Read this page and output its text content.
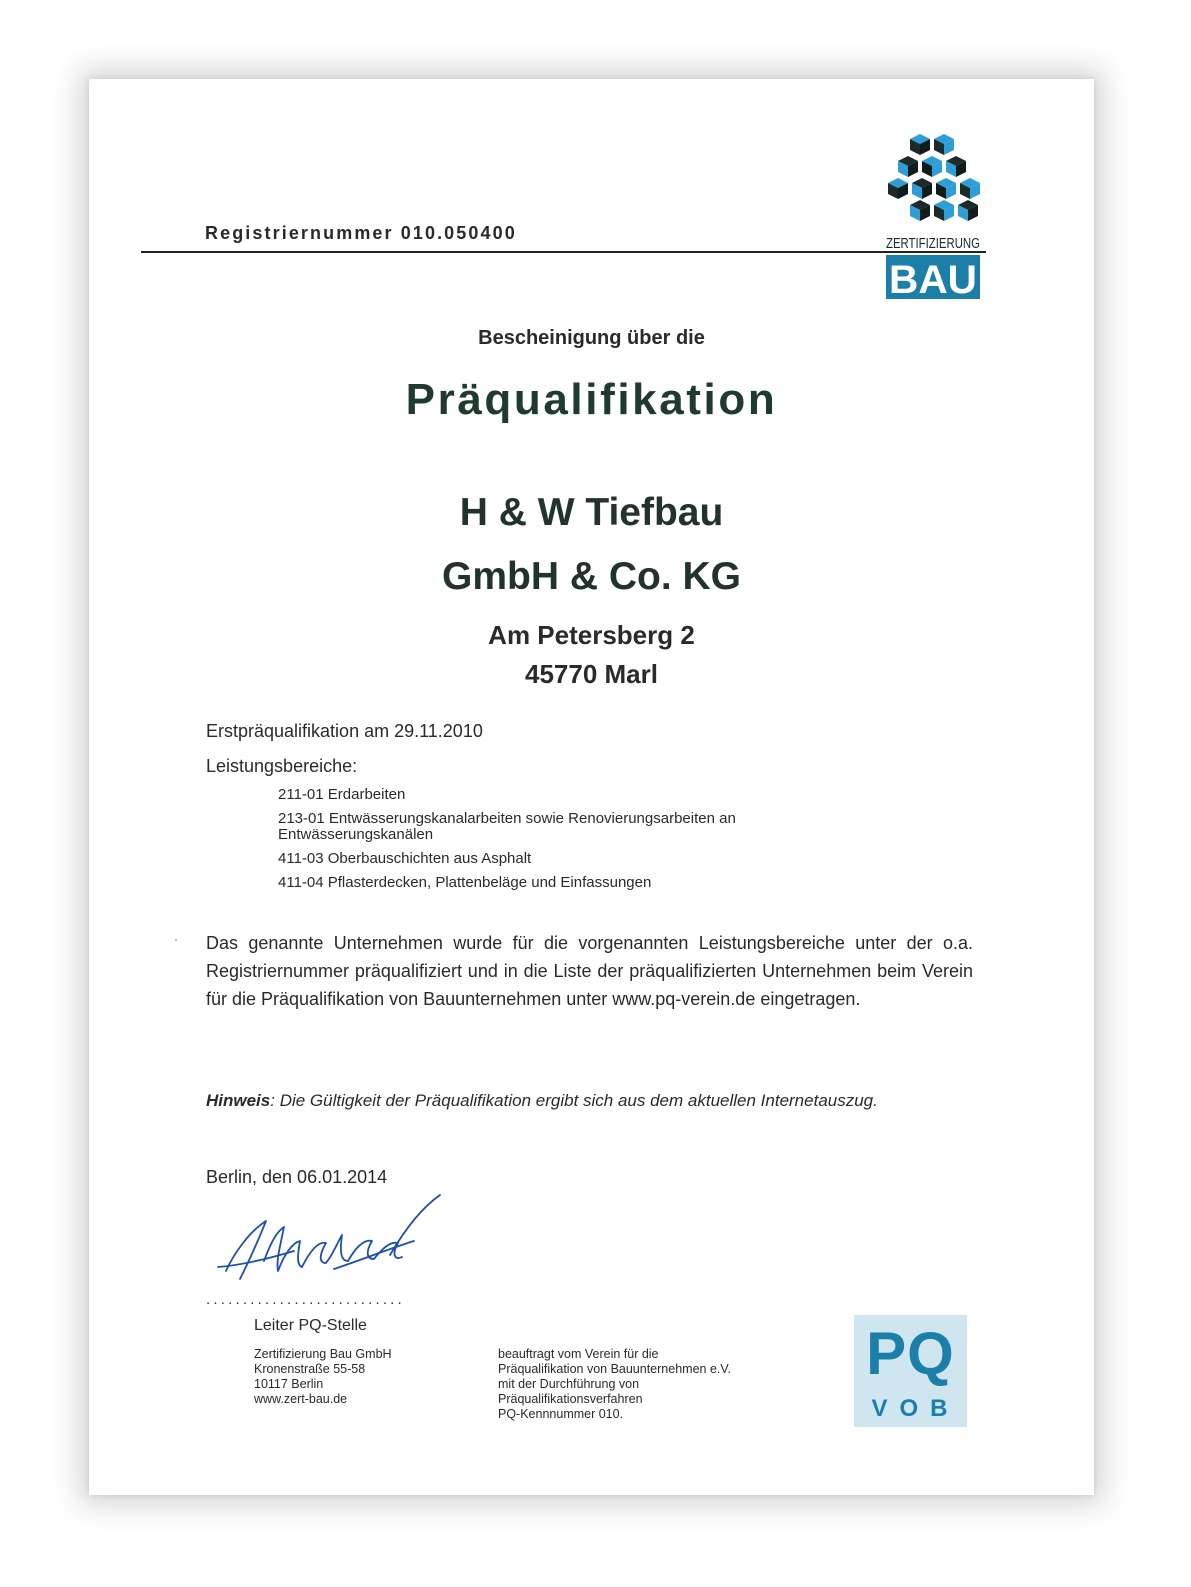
Registriernummer 010.050400
ZERTIFIZIERUNG
BAU
Bescheinigung über die
Präqualifikation
H & W Tiefbau
GmbH & Co. KG
Am Petersberg 2
45770 Marl
Erstpräqualifikation am 29.11.2010
Leistungsbereiche:
211-01 Erdarbeiten
213-01 Entwässerungskanalarbeiten sowie Renovierungsarbeiten an Entwässerungskanälen
411-03 Oberbauschichten aus Asphalt
411-04 Pflasterdecken, Plattenbeläge und Einfassungen
Das genannte Unternehmen wurde für die vorgenannten Leistungsbereiche unter der o.a. Registriernummer präqualifiziert und in die Liste der präqualifizierten Unternehmen beim Verein für die Präqualifikation von Bauunternehmen unter www.pq-verein.de eingetragen.
Hinweis: Die Gültigkeit der Präqualifikation ergibt sich aus dem aktuellen Internetauszug.
Berlin, den 06.01.2014
...........................
Leiter PQ-Stelle
Zertifizierung Bau GmbH
Kronenstraße 55-58
10117 Berlin
www.zert-bau.de
beauftragt vom Verein für die
Präqualifikation von Bauunternehmen e.V.
mit der Durchführung von
Präqualifikationsverfahren
PQ-Kennnummer 010.
PQ
VOB
